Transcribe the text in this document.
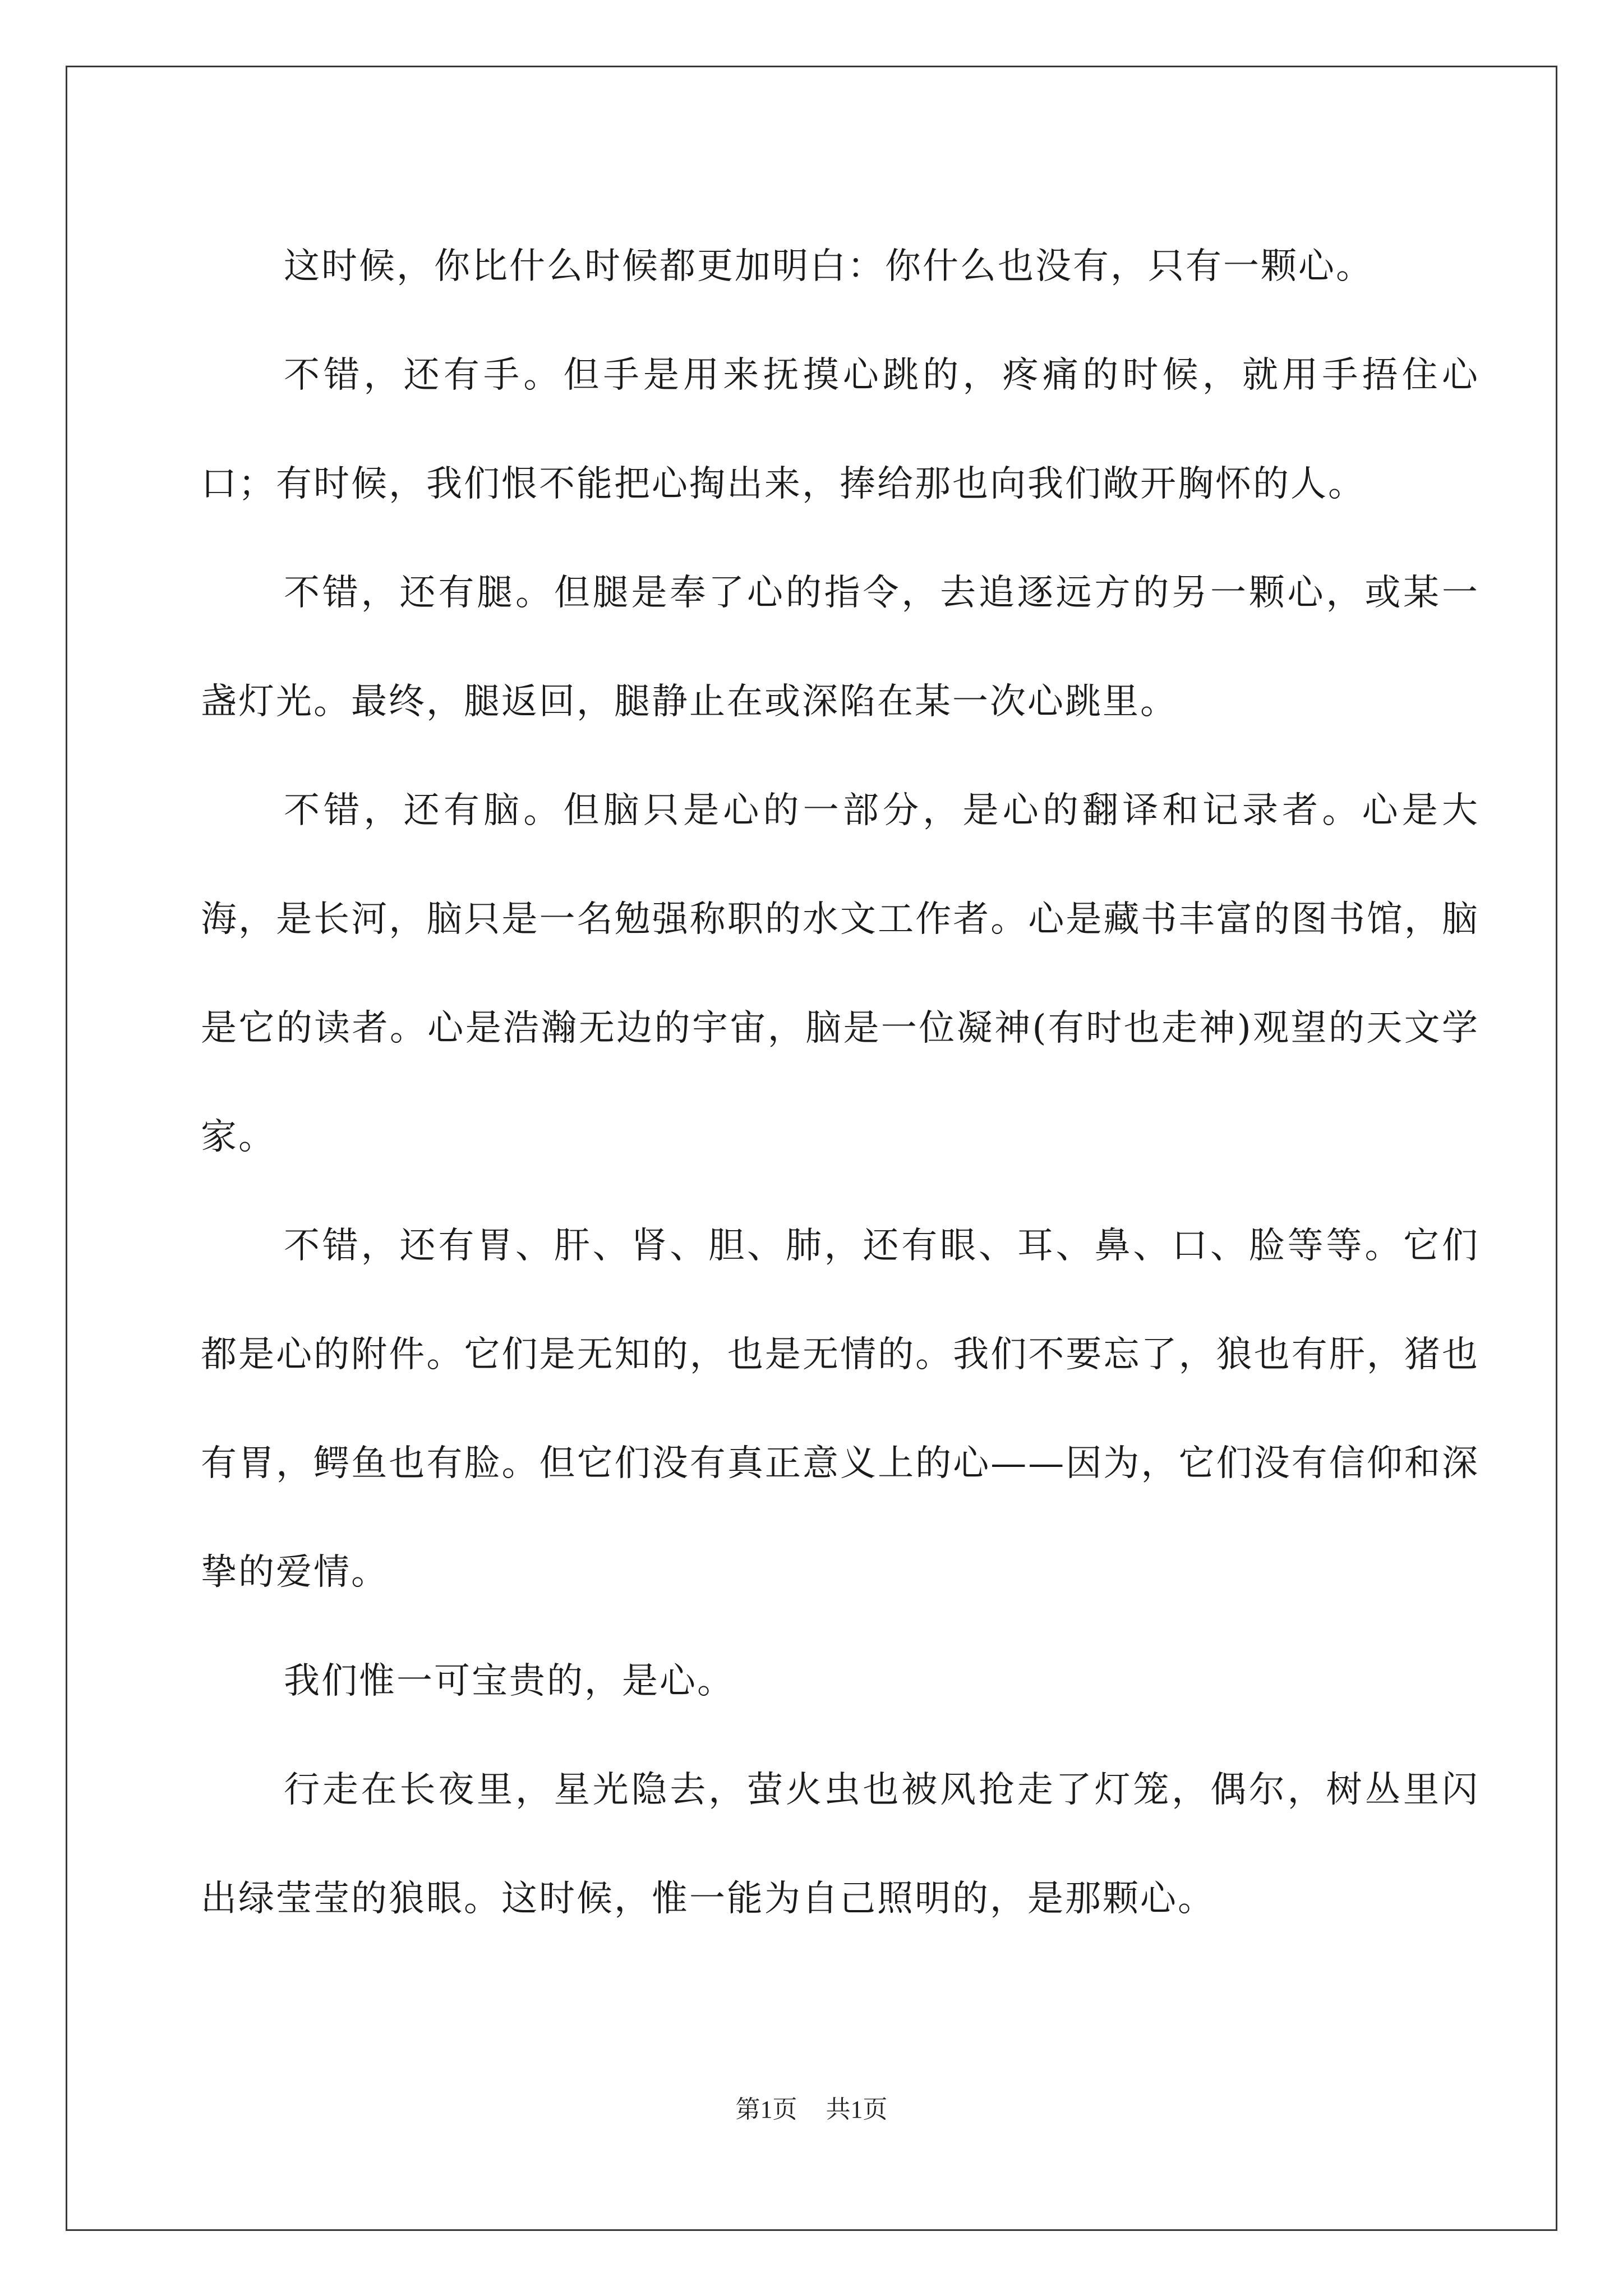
这时候，你比什么时候都更加明白：你什么也没有，只有一颗心。

不错，还有手。但手是用来抚摸心跳的，疼痛的时候，就用手捂住心口；有时候，我们恨不能把心掏出来，捧给那也向我们敞开胸怀的人。

不错，还有腿。但腿是奉了心的指令，去追逐远方的另一颗心，或某一盏灯光。最终，腿返回，腿静止在或深陷在某一次心跳里。

不错，还有脑。但脑只是心的一部分，是心的翻译和记录者。心是大海，是长河，脑只是一名勉强称职的水文工作者。心是藏书丰富的图书馆，脑是它的读者。心是浩瀚无边的宇宙，脑是一位凝神(有时也走神)观望的天文学家。

不错，还有胃、肝、肾、胆、肺，还有眼、耳、鼻、口、脸等等。它们都是心的附件。它们是无知的，也是无情的。我们不要忘了，狼也有肝，猪也有胃，鳄鱼也有脸。但它们没有真正意义上的心——因为，它们没有信仰和深挚的爱情。

我们惟一可宝贵的，是心。

行走在长夜里，星光隐去，萤火虫也被风抢走了灯笼，偶尔，树丛里闪出绿莹莹的狼眼。这时候，惟一能为自己照明的，是那颗心。

第1页 共1页
